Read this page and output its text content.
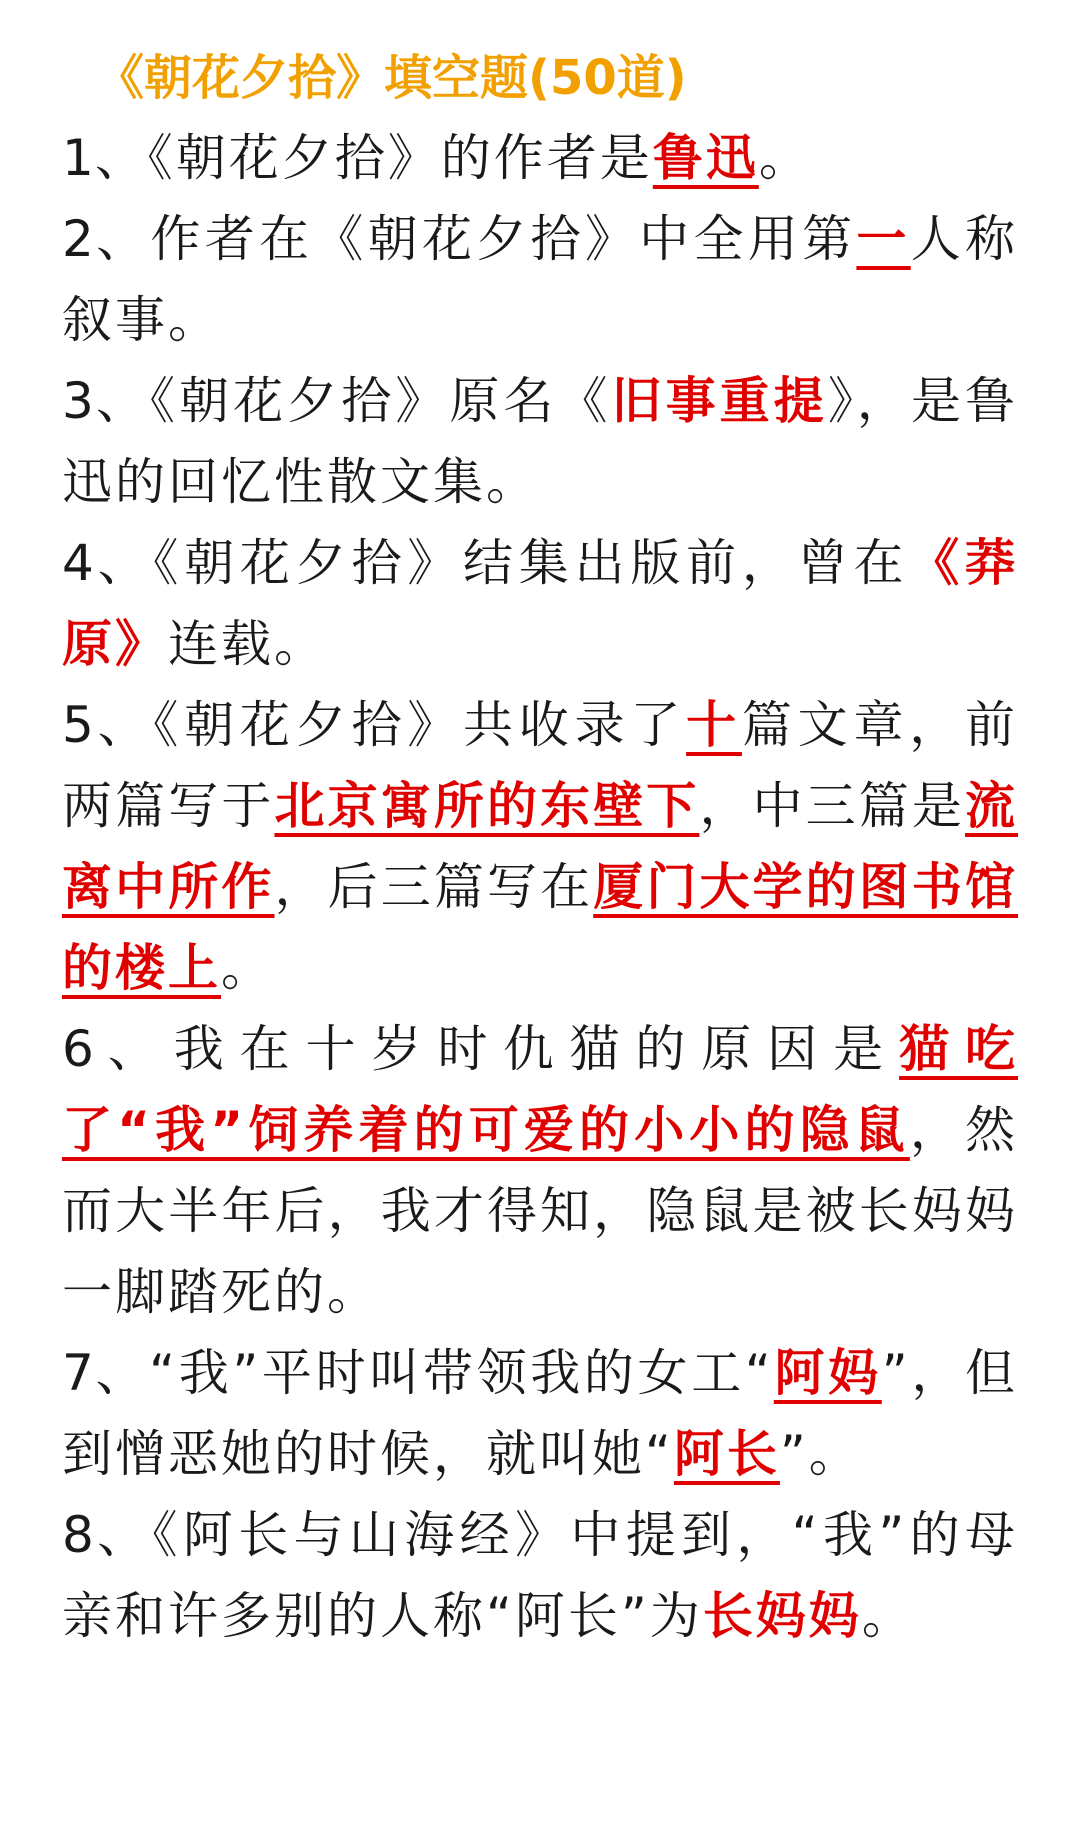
《朝花夕拾》填空题(50道)

1、《朝花夕拾》的作者是鲁迅。

2、作者在《朝花夕拾》中全用第一人称叙事。

3、《朝花夕拾》原名《旧事重提》，是鲁迅的回忆性散文集。

4、《朝花夕拾》结集出版前，曾在《莽原》连载。

5、《朝花夕拾》共收录了十篇文章，前两篇写于北京寓所的东壁下，中三篇是流离中所作，后三篇写在厦门大学的图书馆的楼上。

6、我在十岁时仇猫的原因是猫吃了“我”饲养着的可爱的小小的隐鼠，然而大半年后，我才得知，隐鼠是被长妈妈一脚踏死的。

7、“我”平时叫带领我的女工“阿妈”，但到憎恶她的时候，就叫她“阿长”。

8、《阿长与山海经》中提到，“我”的母亲和许多别的人称“阿长”为长妈妈。
